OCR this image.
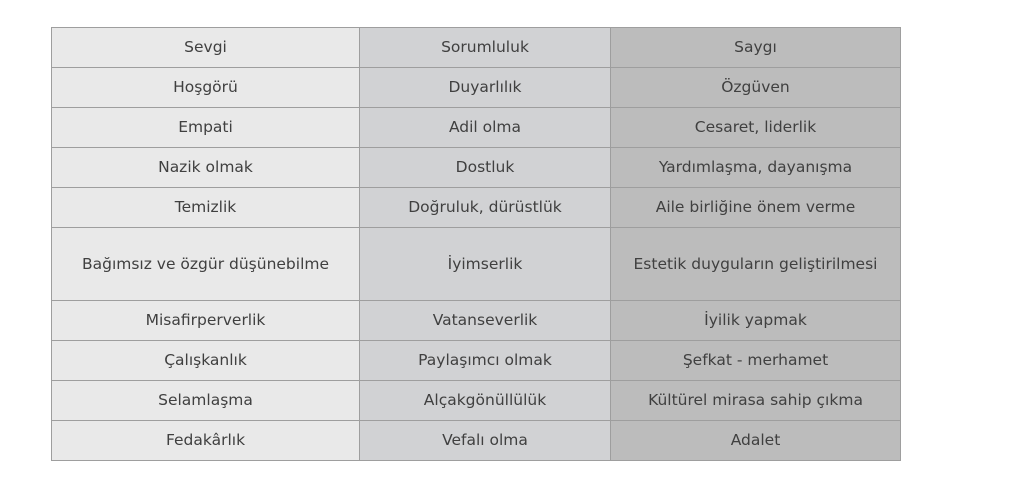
Sevgi	Sorumluluk	Saygı
Hoşgörü	Duyarlılık	Özgüven
Empati	Adil olma	Cesaret, liderlik
Nazik olmak	Dostluk	Yardımlaşma, dayanışma
Temizlik	Doğruluk, dürüstlük	Aile birliğine önem verme
Bağımsız ve özgür düşünebilme	İyimserlik	Estetik duyguların geliştirilmesi
Misafirperverlik	Vatanseverlik	İyilik yapmak
Çalışkanlık	Paylaşımcı olmak	Şefkat - merhamet
Selamlaşma	Alçakgönüllülük	Kültürel mirasa sahip çıkma
Fedakârlık	Vefalı olma	Adalet
